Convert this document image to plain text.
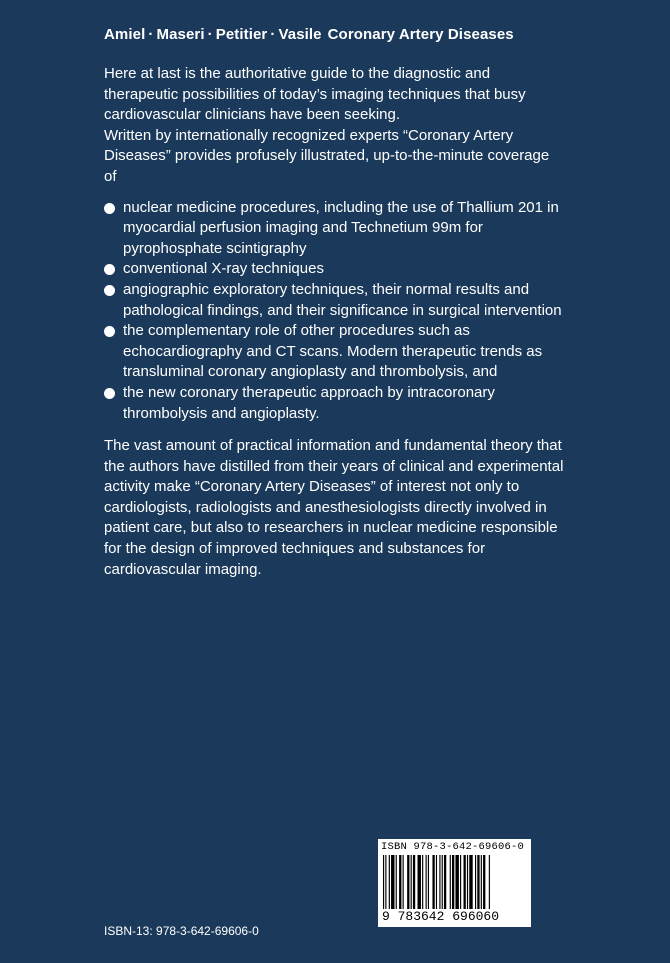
Amiel · Maseri · Petitier · Vasile Coronary Artery Diseases

Here at last is the authoritative guide to the diagnostic and therapeutic possibilities of today’s imaging techniques that busy cardiovascular clinicians have been seeking.

Written by internationally recognized experts “Coronary Artery Diseases” provides profusely illustrated, up-to-the-minute coverage of

nuclear medicine procedures, including the use of Thallium 201 in myocardial perfusion imaging and Technetium 99m for pyrophosphate scintigraphy
conventional X-ray techniques
angiographic exploratory techniques, their normal results and pathological findings, and their significance in surgical intervention
the complementary role of other procedures such as echocardiography and CT scans. Modern therapeutic trends as transluminal coronary angioplasty and thrombolysis, and
the new coronary therapeutic approach by intracoronary thrombolysis and angioplasty.

The vast amount of practical information and fundamental theory that the authors have distilled from their years of clinical and experimental activity make “Coronary Artery Diseases” of interest not only to cardiologists, radiologists and anesthesiologists directly involved in patient care, but also to researchers in nuclear medicine responsible for the design of improved techniques and substances for cardiovascular imaging.

ISBN 978-3-642-69606-0
9 783642 696060
ISBN-13: 978-3-642-69606-0
